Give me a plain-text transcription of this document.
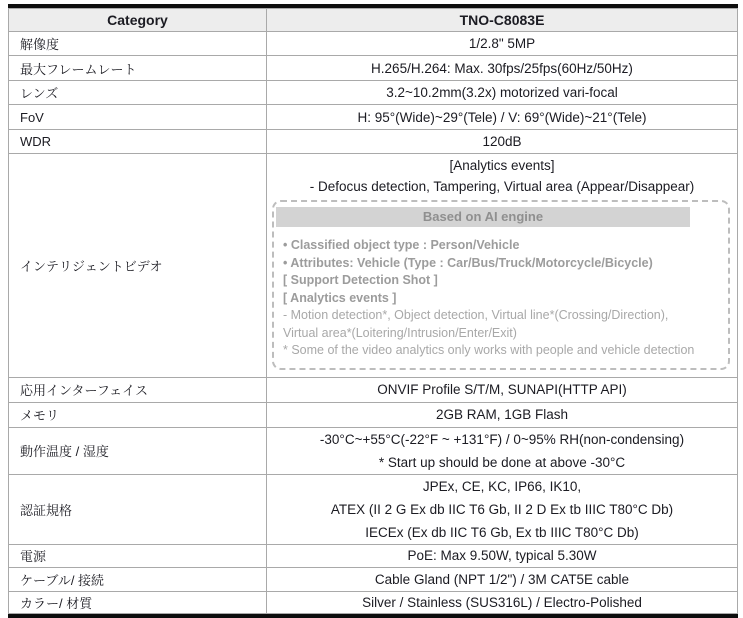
Category	TNO-C8083E
解像度	1/2.8" 5MP
最大フレームレート	H.265/H.264: Max. 30fps/25fps(60Hz/50Hz)
レンズ	3.2~10.2mm(3.2x) motorized vari-focal
FoV	H: 95°(Wide)~29°(Tele) / V: 69°(Wide)~21°(Tele)
WDR	120dB
インテリジェントビデオ	
[Analytics events]
- Defocus detection, Tampering, Virtual area (Appear/Disappear)
Based on AI engine
• Classified object type : Person/Vehicle
• Attributes: Vehicle (Type : Car/Bus/Truck/Motorcycle/Bicycle)
[ Support Detection Shot ]
[ Analytics events ]
- Motion detection*, Object detection, Virtual line*(Crossing/Direction),
Virtual area*(Loitering/Intrusion/Enter/Exit)
* Some of the video analytics only works with people and vehicle detection

応用インターフェイス	ONVIF Profile S/T/M, SUNAPI(HTTP API)
メモリ	2GB RAM, 1GB Flash
動作温度 / 湿度	-30°C~+55°C(-22°F ~ +131°F) / 0~95% RH(non-condensing)
* Start up should be done at above -30°C

認証規格	JPEx, CE, KC, IP66, IK10,
ATEX (II 2 G Ex db IIC T6 Gb, II 2 D Ex tb IIIC T80°C Db)
IECEx (Ex db IIC T6 Gb, Ex tb IIIC T80°C Db)

電源	PoE: Max 9.50W, typical 5.30W
ケーブル/ 接続	Cable Gland (NPT 1/2") / 3M CAT5E cable
カラー/ 材質	Silver / Stainless (SUS316L) / Electro-Polished
